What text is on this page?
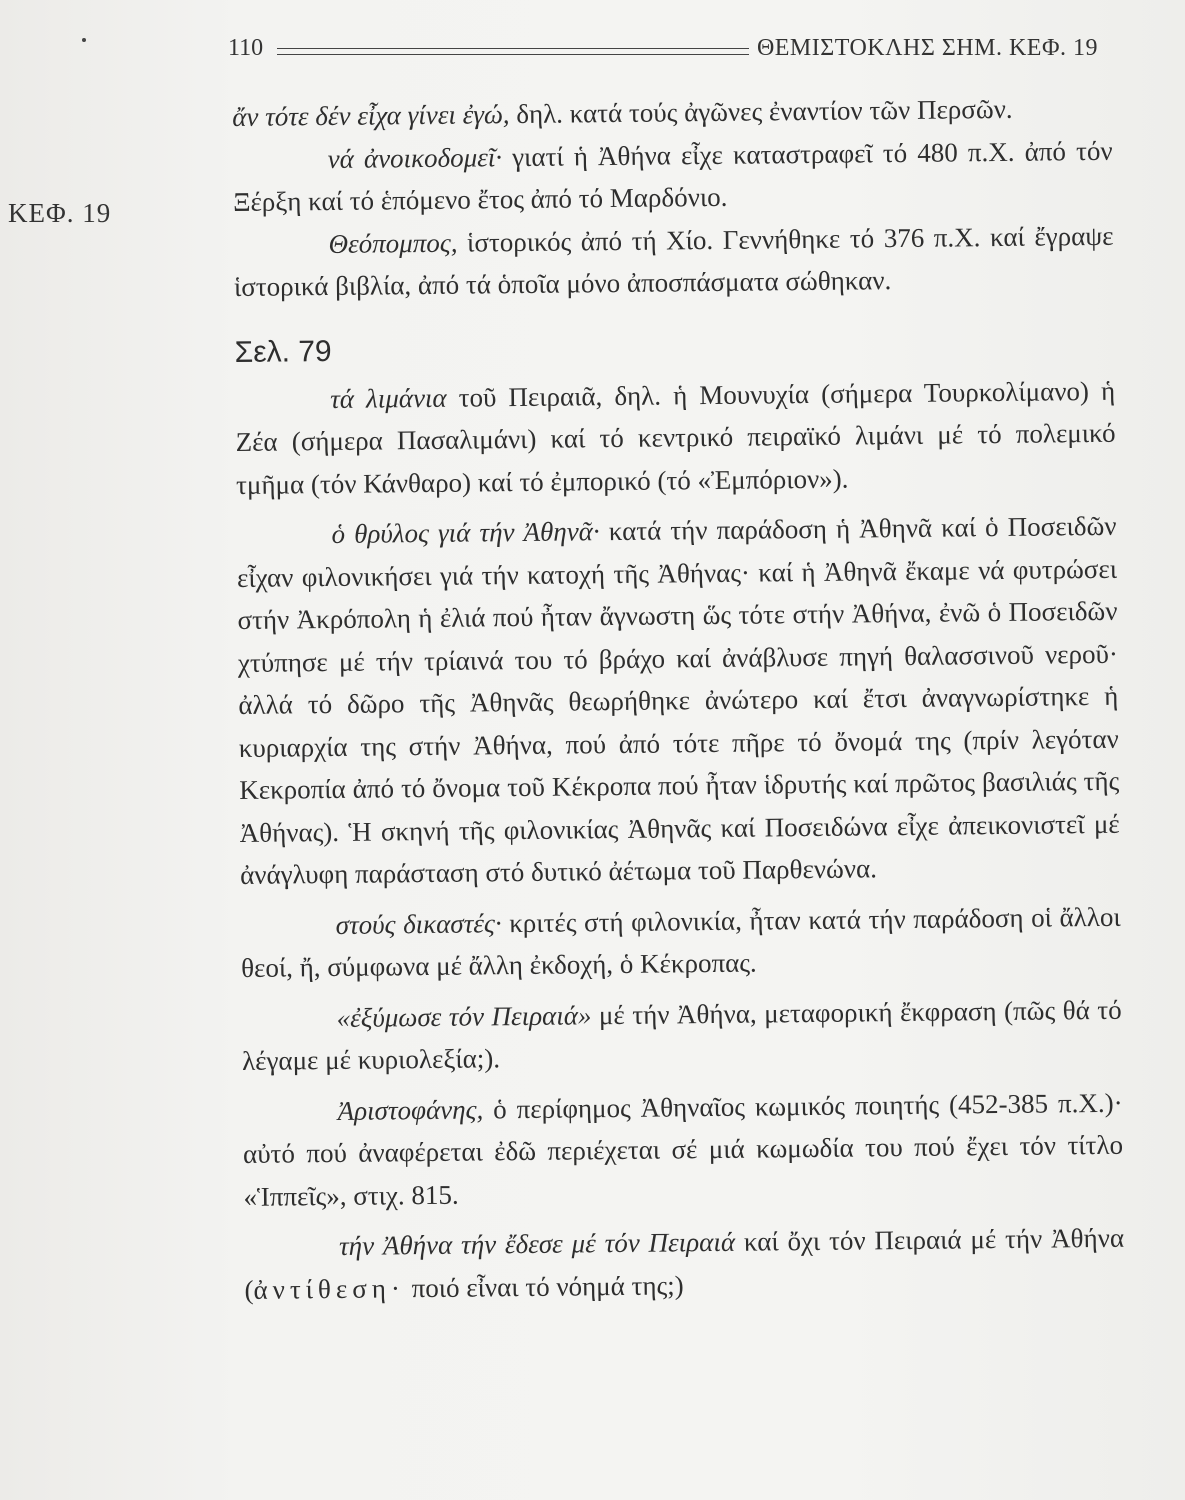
110	ΘΕΜΙΣΤΟΚΛΗΣ ΣΗΜ. ΚΕΦ. 19
ΚΕΦ. 19

ἄν τότε δέν εἶχα γίνει ἐγώ, δηλ. κατά τούς ἀγῶνες ἐναντίον τῶν Περσῶν.

νά ἀνοικοδομεῖ· γιατί ἡ Ἀθήνα εἶχε καταστραφεῖ τό 480 π.Χ. ἀπό τόν Ξέρξη καί τό ἑπόμενο ἔτος ἀπό τό Μαρδόνιο.

Θεόπομπος, ἱστορικός ἀπό τή Χίο. Γεννήθηκε τό 376 π.Χ. καί ἔγραψε ἱστορικά βιβλία, ἀπό τά ὁποῖα μόνο ἀποσπάσματα σώθηκαν.

Σελ. 79

τά λιμάνια τοῦ Πειραιᾶ, δηλ. ἡ Μουνυχία (σήμερα Τουρκολίμανο) ἡ Ζέα (σήμερα Πασαλιμάνι) καί τό κεντρικό πειραϊκό λιμάνι μέ τό πολεμικό τμῆμα (τόν Κάνθαρο) καί τό ἐμπορικό (τό «Ἐμπόριον»).

ὁ θρύλος γιά τήν Ἀθηνᾶ· κατά τήν παράδοση ἡ Ἀθηνᾶ καί ὁ Ποσειδῶν εἶχαν φιλονικήσει γιά τήν κατοχή τῆς Ἀθήνας· καί ἡ Ἀθηνᾶ ἔκαμε νά φυτρώσει στήν Ἀκρόπολη ἡ ἐλιά πού ἦταν ἄγνωστη ὥς τότε στήν Ἀθήνα, ἐνῶ ὁ Ποσειδῶν χτύπησε μέ τήν τρίαινά του τό βράχο καί ἀνάβλυσε πηγή θαλασσινοῦ νεροῦ· ἀλλά τό δῶρο τῆς Ἀθηνᾶς θεωρήθηκε ἀνώτερο καί ἔτσι ἀναγνωρίστηκε ἡ κυριαρχία της στήν Ἀθήνα, πού ἀπό τότε πῆρε τό ὄνομά της (πρίν λεγόταν Κεκροπία ἀπό τό ὄνομα τοῦ Κέκροπα πού ἦταν ἱδρυτής καί πρῶτος βασιλιάς τῆς Ἀθήνας). Ἡ σκηνή τῆς φιλονικίας Ἀθηνᾶς καί Ποσειδώνα εἶχε ἀπεικονιστεῖ μέ ἀνάγλυφη παράσταση στό δυτικό ἀέτωμα τοῦ Παρθενώνα.

στούς δικαστές· κριτές στή φιλονικία, ἦταν κατά τήν παράδοση οἱ ἄλλοι θεοί, ἤ, σύμφωνα μέ ἄλλη ἐκδοχή, ὁ Κέκροπας.

«ἐξύμωσε τόν Πειραιά» μέ τήν Ἀθήνα, μεταφορική ἔκφραση (πῶς θά τό λέγαμε μέ κυριολεξία;).

Ἀριστοφάνης, ὁ περίφημος Ἀθηναῖος κωμικός ποιητής (452-385 π.Χ.)· αὐτό πού ἀναφέρεται ἐδῶ περιέχεται σέ μιά κωμωδία του πού ἔχει τόν τίτλο «Ἱππεῖς», στιχ. 815.

τήν Ἀθήνα τήν ἔδεσε μέ τόν Πειραιά καί ὄχι τόν Πειραιά μέ τήν Ἀθήνα (ἀντίθεση· ποιό εἶναι τό νόημά της;)
